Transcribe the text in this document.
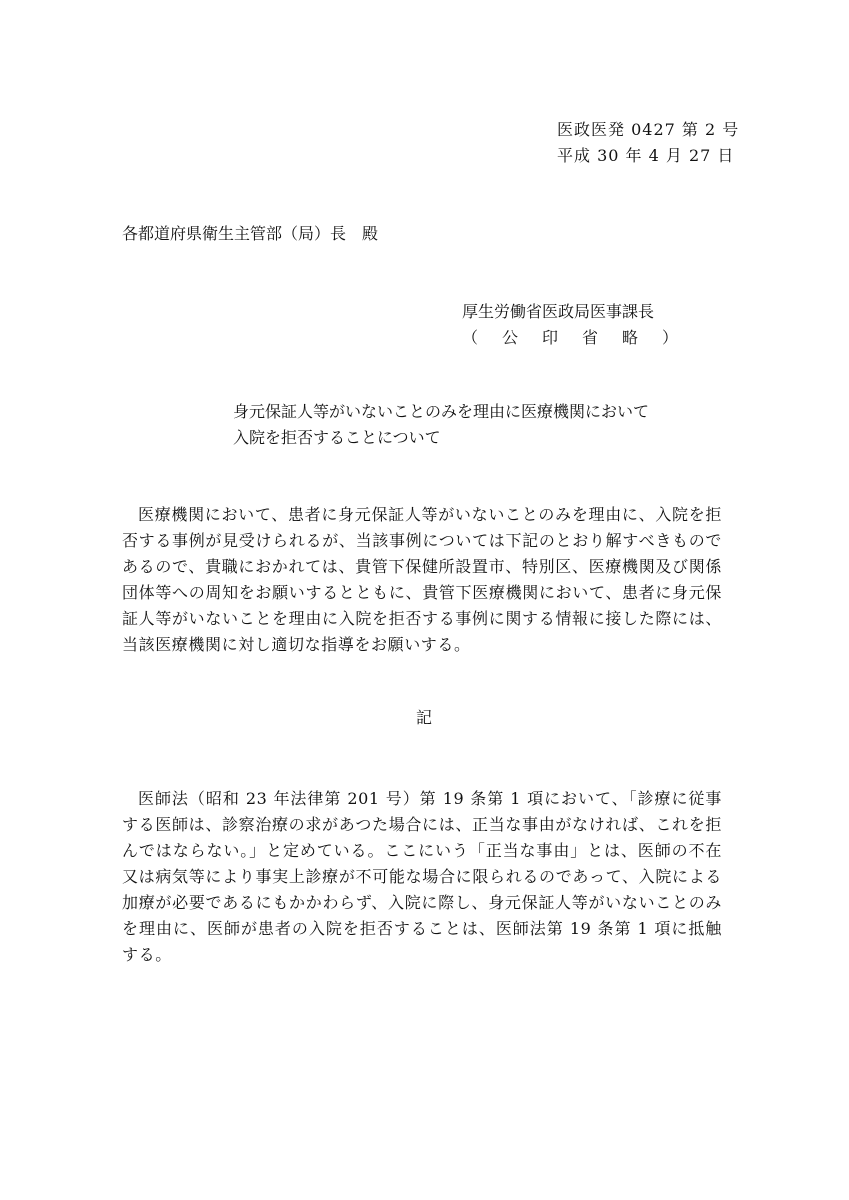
医政医発 0427 第 2 号
平成 30 年 4 月 27 日
各都道府県衛生主管部（局）長　殿
厚生労働省医政局医事課長
（　公　印　省　略　）
身元保証人等がいないことのみを理由に医療機関において
入院を拒否することについて

医療機関において、患者に身元保証人等がいないことのみを理由に、入院を拒否する事例が見受けられるが、当該事例については下記のとおり解すべきものであるので、貴職におかれては、貴管下保健所設置市、特別区、医療機関及び関係団体等への周知をお願いするとともに、貴管下医療機関において、患者に身元保証人等がいないことを理由に入院を拒否する事例に関する情報に接した際には、当該医療機関に対し適切な指導をお願いする。

記

医師法（昭和 23 年法律第 201 号）第 19 条第 1 項において、「診療に従事する医師は、診察治療の求があつた場合には、正当な事由がなければ、これを拒んではならない。」と定めている。ここにいう「正当な事由」とは、医師の不在又は病気等により事実上診療が不可能な場合に限られるのであって、入院による加療が必要であるにもかかわらず、入院に際し、身元保証人等がいないことのみを理由に、医師が患者の入院を拒否することは、医師法第 19 条第 1 項に抵触する。
